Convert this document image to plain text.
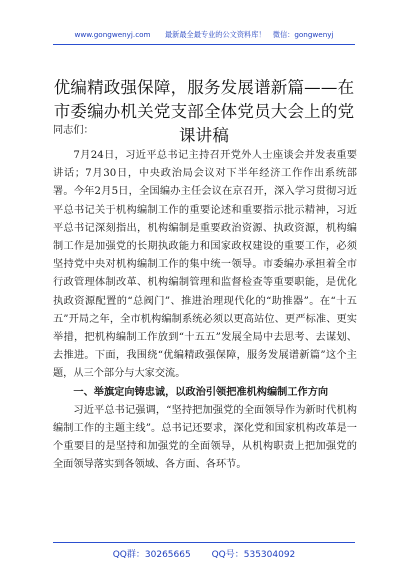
www.gongwenyj.com　　最新最全最专业的公文资料库！　微信：gongwenyj
优编精政强保障，服务发展谱新篇——在市委编办机关党支部全体党员大会上的党课讲稿
同志们：

7月24日，习近平总书记主持召开党外人士座谈会并发表重要讲话；7月30日，中央政治局会议对下半年经济工作作出系统部署。今年2月5日，全国编办主任会议在京召开，深入学习贯彻习近平总书记关于机构编制工作的重要论述和重要指示批示精神，习近平总书记深刻指出，机构编制是重要政治资源、执政资源，机构编制工作是加强党的长期执政能力和国家政权建设的重要工作，必须坚持党中央对机构编制工作的集中统一领导。市委编办承担着全市行政管理体制改革、机构编制管理和监督检查等重要职能，是优化执政资源配置的“总阀门”、推进治理现代化的“助推器”。在“十五五”开局之年，全市机构编制系统必须以更高站位、更严标准、更实举措，把机构编制工作放到“十五五”发展全局中去思考、去谋划、去推进。下面，我围绕“优编精政强保障，服务发展谱新篇”这个主题，从三个部分与大家交流。

一、举旗定向铸忠诚，以政治引领把准机构编制工作方向

习近平总书记强调，“坚持把加强党的全面领导作为新时代机构编制工作的主题主线”。总书记还要求，深化党和国家机构改革是一个重要目的是坚持和加强党的全面领导，从机构职责上把加强党的全面领导落实到各领域、各方面、各环节。

QQ群：30265665 QQ号：535304092
